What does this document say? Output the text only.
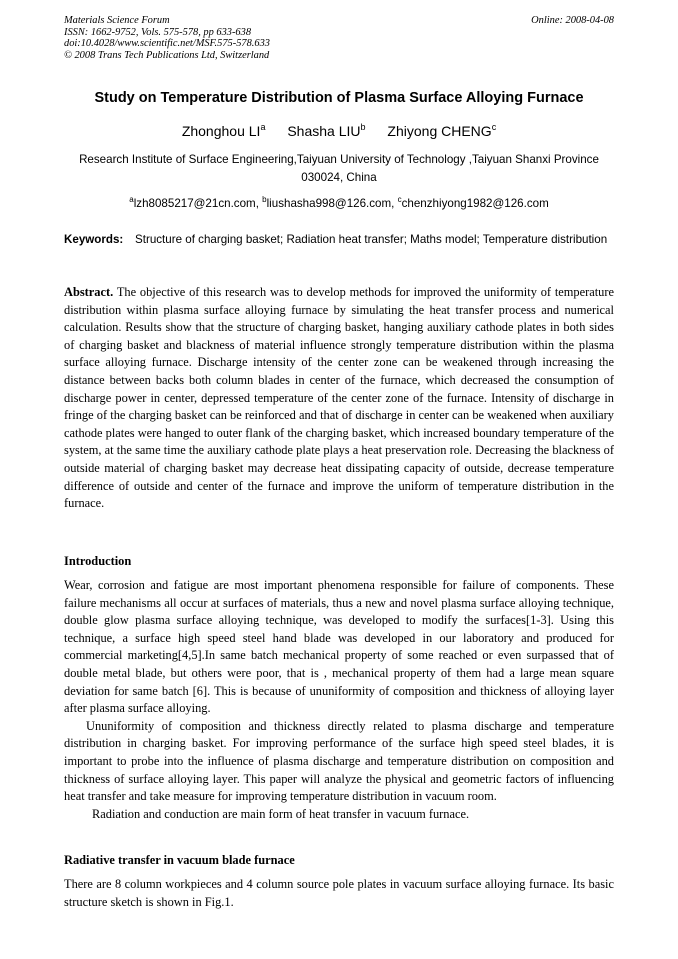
Materials Science Forum
ISSN: 1662-9752, Vols. 575-578, pp 633-638
doi:10.4028/www.scientific.net/MSF.575-578.633
© 2008 Trans Tech Publications Ltd, Switzerland
Online: 2008-04-08
Study on Temperature Distribution of Plasma Surface Alloying Furnace
Zhonghou $LI^a$ Shasha LIU$^b$ Zhiyong CHENG$^c$
Research Institute of Surface Engineering,Taiyuan University of Technology ,Taiyuan Shanxi Province 030024, China
$^a$lzh8085217@21cn.com, $^b$liushasha998@126.com, $^c$chenzhiyong1982@126.com
Keywords:	Structure of charging basket; Radiation heat transfer; Maths model; Temperature distribution

Abstract. The objective of this research was to develop methods for improved the uniformity of temperature distribution within plasma surface alloying furnace by simulating the heat transfer process and numerical calculation. Results show that the structure of charging basket, hanging auxiliary cathode plates in both sides of charging basket and blackness of material influence strongly temperature distribution within the plasma surface alloying furnace. Discharge intensity of the center zone can be weakened through increasing the distance between backs both column blades in center of the furnace, which decreased the consumption of discharge power in center, depressed temperature of the center zone of the furnace. Intensity of discharge in fringe of the charging basket can be reinforced and that of discharge in center can be weakened when auxiliary cathode plates were hanged to outer flank of the charging basket, which increased boundary temperature of the system, at the same time the auxiliary cathode plate plays a heat preservation role. Decreasing the blackness of outside material of charging basket may decrease heat dissipating capacity of outside, decrease temperature difference of outside and center of the furnace and improve the uniform of temperature distribution in the furnace.

Introduction

Wear, corrosion and fatigue are most important phenomena responsible for failure of components. These failure mechanisms all occur at surfaces of materials, thus a new and novel plasma surface alloying technique, double glow plasma surface alloying technique, was developed to modify the surfaces[1-3]. Using this technique, a surface high speed steel hand blade was developed in our laboratory and produced for commercial marketing[4,5].In same batch mechanical property of some reached or even surpassed that of double metal blade, but others were poor, that is , mechanical property of them had a large mean square deviation for same batch [6]. This is because of ununiformity of composition and thickness of alloying layer after plasma surface alloying.

Ununiformity of composition and thickness directly related to plasma discharge and temperature distribution in charging basket. For improving performance of the surface high speed steel blades, it is important to probe into the influence of plasma discharge and temperature distribution on composition and thickness of surface alloying layer. This paper will analyze the physical and geometric factors of influencing heat transfer and take measure for improving temperature distribution in vacuum room.

Radiation and conduction are main form of heat transfer in vacuum furnace.

Radiative transfer in vacuum blade furnace

There are 8 column workpieces and 4 column source pole plates in vacuum surface alloying furnace. Its basic structure sketch is shown in Fig.1.
